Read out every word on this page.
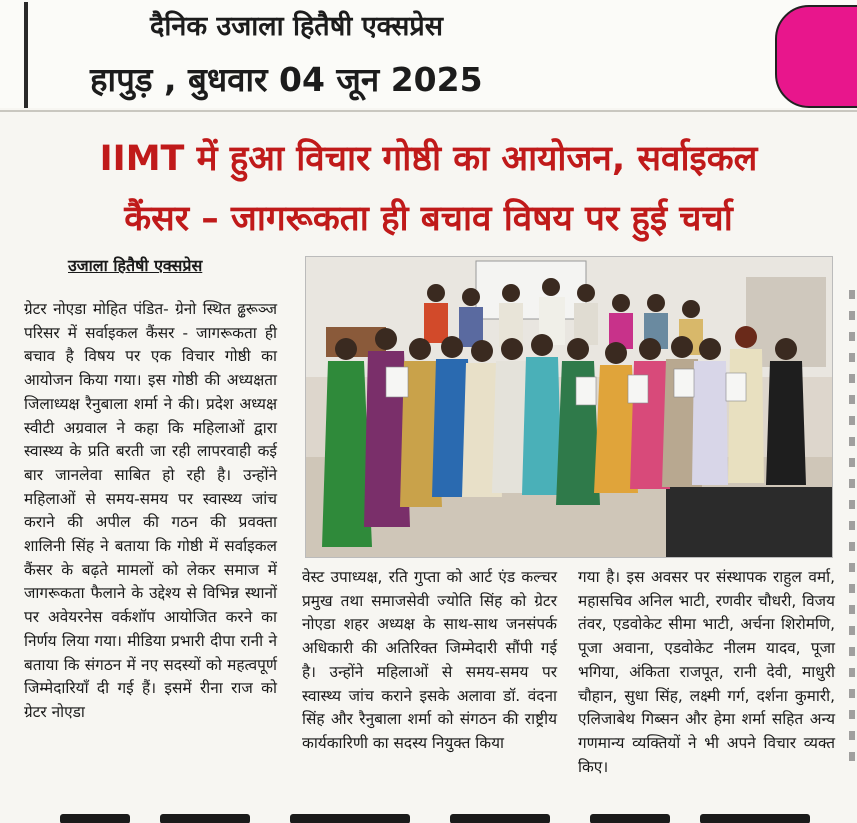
दैनिक उजाला हितैषी एक्सप्रेस
हापुड़ , बुधवार 04 जून 2025
IIMT में हुआ विचार गोष्ठी का आयोजन, सर्वाइकल
कैंसर – जागरूकता ही बचाव विषय पर हुई चर्चा
उजाला हितैषी एक्सप्रेस
ग्रेटर नोएडा मोहित पंडित- ग्रेनो स्थित ढ्ढरूञ्ज परिसर में सर्वाइकल कैंसर - जागरूकता ही बचाव है विषय पर एक विचार गोष्ठी का आयोजन किया गया। इस गोष्ठी की अध्यक्षता जिलाध्यक्ष रैनुबाला शर्मा ने की। प्रदेश अध्यक्ष स्वीटी अग्रवाल ने कहा कि महिलाओं द्वारा स्वास्थ्य के प्रति बरती जा रही लापरवाही कई बार जानलेवा साबित हो रही है। उन्होंने महिलाओं से समय-समय पर स्वास्थ्य जांच कराने की अपील की गठन की प्रवक्ता शालिनी सिंह ने बताया कि गोष्ठी में सर्वाइकल कैंसर के बढ़ते मामलों को लेकर समाज में जागरूकता फैलाने के उद्देश्य से विभिन्न स्थानों पर अवेयरनेस वर्कशॉप आयोजित करने का निर्णय लिया गया। मीडिया प्रभारी दीपा रानी ने बताया कि संगठन में नए सदस्यों को महत्वपूर्ण जिम्मेदारियाँ दी गई हैं। इसमें रीना राज को ग्रेटर नोएडा
वेस्ट उपाध्यक्ष, रति गुप्ता को आर्ट एंड कल्चर प्रमुख तथा समाजसेवी ज्योति सिंह को ग्रेटर नोएडा शहर अध्यक्ष के साथ-साथ जनसंपर्क अधिकारी की अतिरिक्त जिम्मेदारी सौंपी गई है। उन्होंने महिलाओं से समय-समय पर स्वास्थ्य जांच कराने इसके अलावा डॉ. वंदना सिंह और रैनुबाला शर्मा को संगठन की राष्ट्रीय कार्यकारिणी का सदस्य नियुक्त किया
गया है। इस अवसर पर संस्थापक राहुल वर्मा, महासचिव अनिल भाटी, रणवीर चौधरी, विजय तंवर, एडवोकेट सीमा भाटी, अर्चना शिरोमणि, पूजा अवाना, एडवोकेट नीलम यादव, पूजा भगिया, अंकिता राजपूत, रानी देवी, माधुरी चौहान, सुधा सिंह, लक्ष्मी गर्ग, दर्शना कुमारी, एलिजाबेथ गिब्सन और हेमा शर्मा सहित अन्य गणमान्य व्यक्तियों ने भी अपने विचार व्यक्त किए।
